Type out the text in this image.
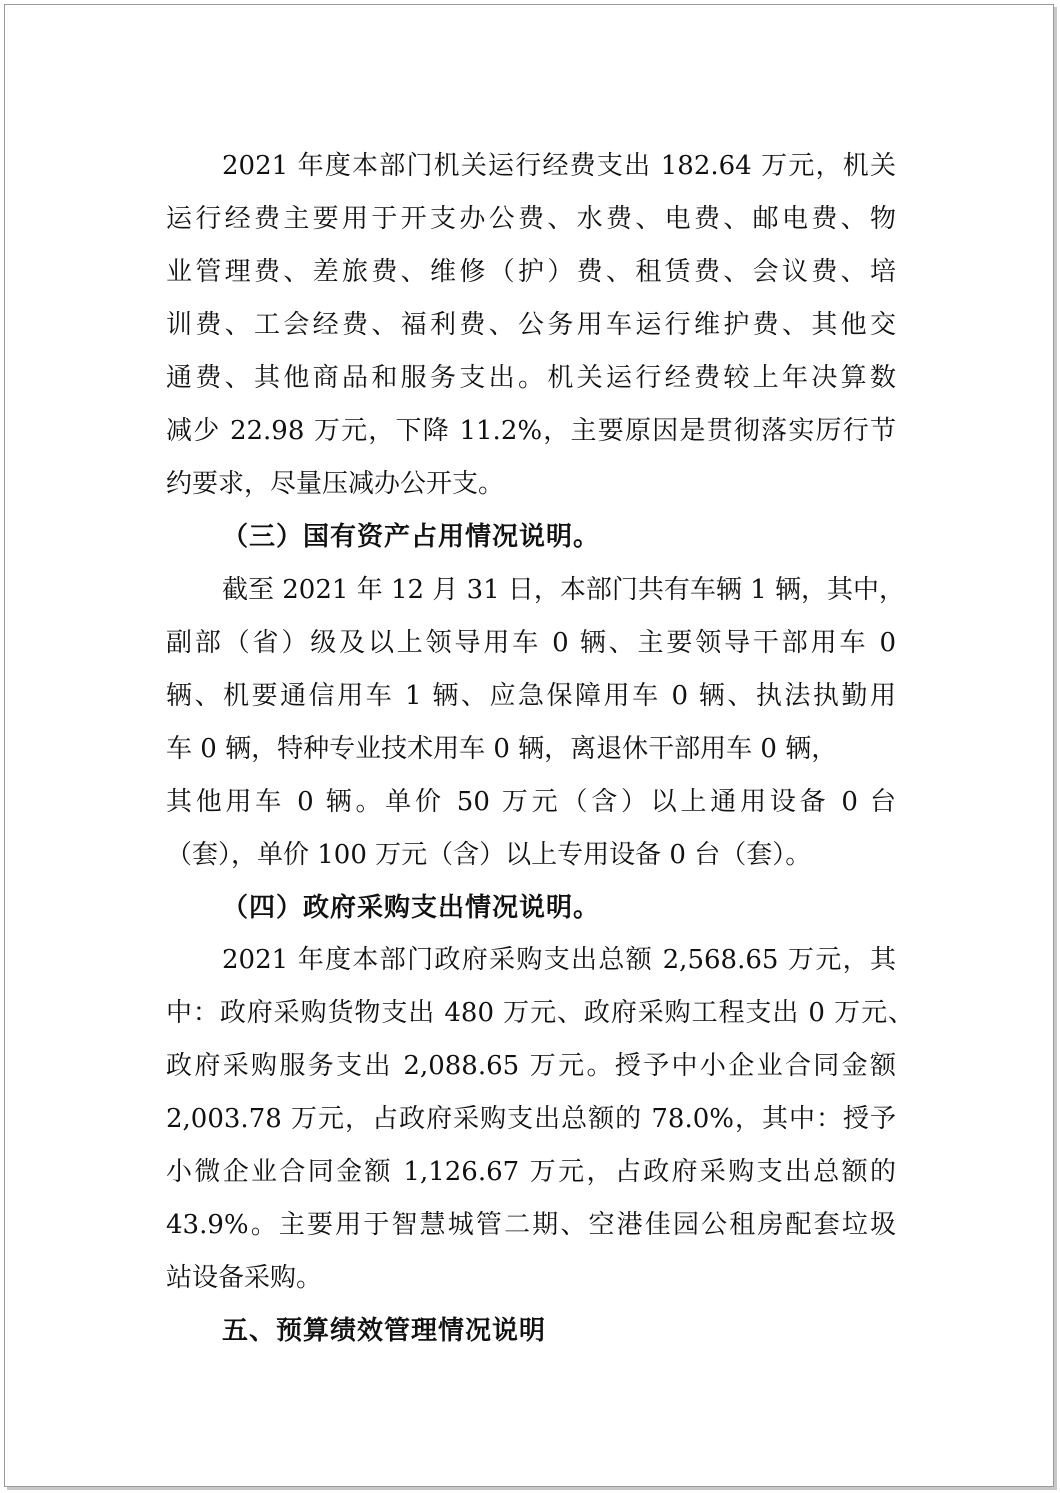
2021 年度本部门机关运行经费支出 182.64 万元，机关
运行经费主要用于开支办公费、水费、电费、邮电费、物
业管理费、差旅费、维修（护）费、租赁费、会议费、培
训费、工会经费、福利费、公务用车运行维护费、其他交
通费、其他商品和服务支出。机关运行经费较上年决算数
减少 22.98 万元，下降 11.2%，主要原因是贯彻落实厉行节
约要求，尽量压减办公开支。
（三）国有资产占用情况说明。
截至 2021 年 12 月 31 日，本部门共有车辆 1 辆，其中，
副部（省）级及以上领导用车 0 辆、主要领导干部用车 0
辆、机要通信用车 1 辆、应急保障用车 0 辆、执法执勤用
车 0 辆，特种专业技术用车 0 辆，离退休干部用车 0 辆，
其他用车 0 辆。单价 50 万元（含）以上通用设备 0 台
（套），单价 100 万元（含）以上专用设备 0 台（套）。
（四）政府采购支出情况说明。
2021 年度本部门政府采购支出总额 2,568.65 万元，其
中：政府采购货物支出 480 万元、政府采购工程支出 0 万元、
政府采购服务支出 2,088.65 万元。授予中小企业合同金额
2,003.78 万元，占政府采购支出总额的 78.0%，其中：授予
小微企业合同金额 1,126.67 万元，占政府采购支出总额的
43.9%。主要用于智慧城管二期、空港佳园公租房配套垃圾
站设备采购。
五、预算绩效管理情况说明
